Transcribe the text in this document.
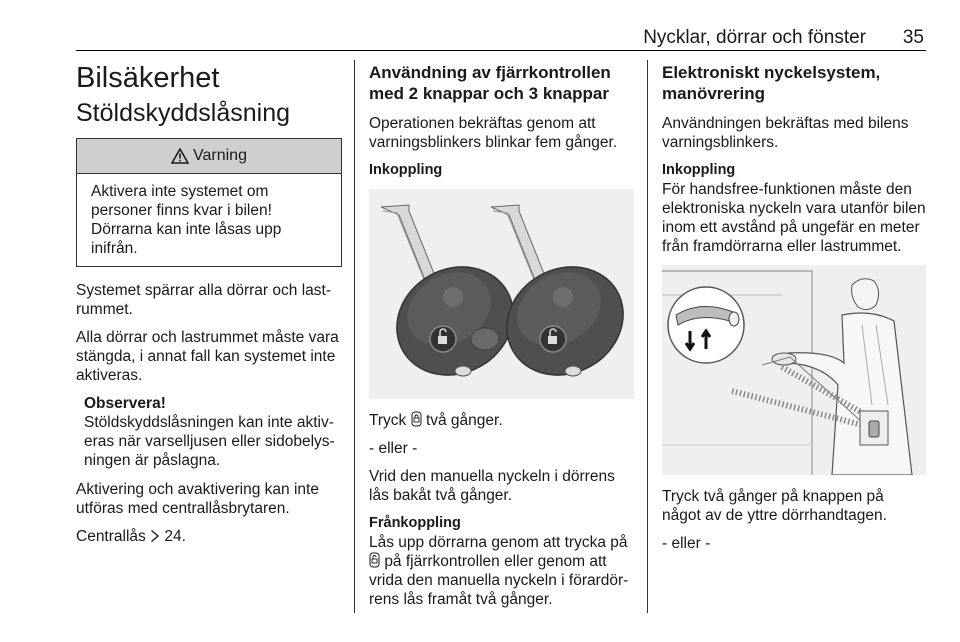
Nycklar, dörrar och fönster 35
Bilsäkerhet
Stöldskyddslåsning
Varning
Aktivera inte systemet om
personer finns kvar i bilen!
Dörrarna kan inte låsas upp
inifrån.

Systemet spärrar alla dörrar och lastrummet.

Alla dörrar och lastrummet måste vara stängda, i annat fall kan systemet inte aktiveras.

Observera!

Stöldskyddslåsningen kan inte aktiveras när varselljusen eller sidobelysningen är påslagna.

Aktivering och avaktivering kan inte utföras med centrallåsbrytaren.

Centrallås 24.

Användning av fjärrkontrollen med 2 knappar och 3 knappar

Operationen bekräftas genom att varningsblinkers blinkar fem gånger.

Inkoppling

Tryck två gånger.

- eller -

Vrid den manuella nyckeln i dörrens lås bakåt två gånger.

Frånkoppling

Lås upp dörrarna genom att trycka på  på fjärrkontrollen eller genom att vrida den manuella nyckeln i förardörrens lås framåt två gånger.

Elektroniskt nyckelsystem, manövrering

Användningen bekräftas med bilens varningsblinkers.

Inkoppling

För handsfree-funktionen måste den elektroniska nyckeln vara utanför bilen inom ett avstånd på ungefär en meter från framdörrarna eller lastrummet.

Tryck två gånger på knappen på något av de yttre dörrhandtagen.

- eller -
